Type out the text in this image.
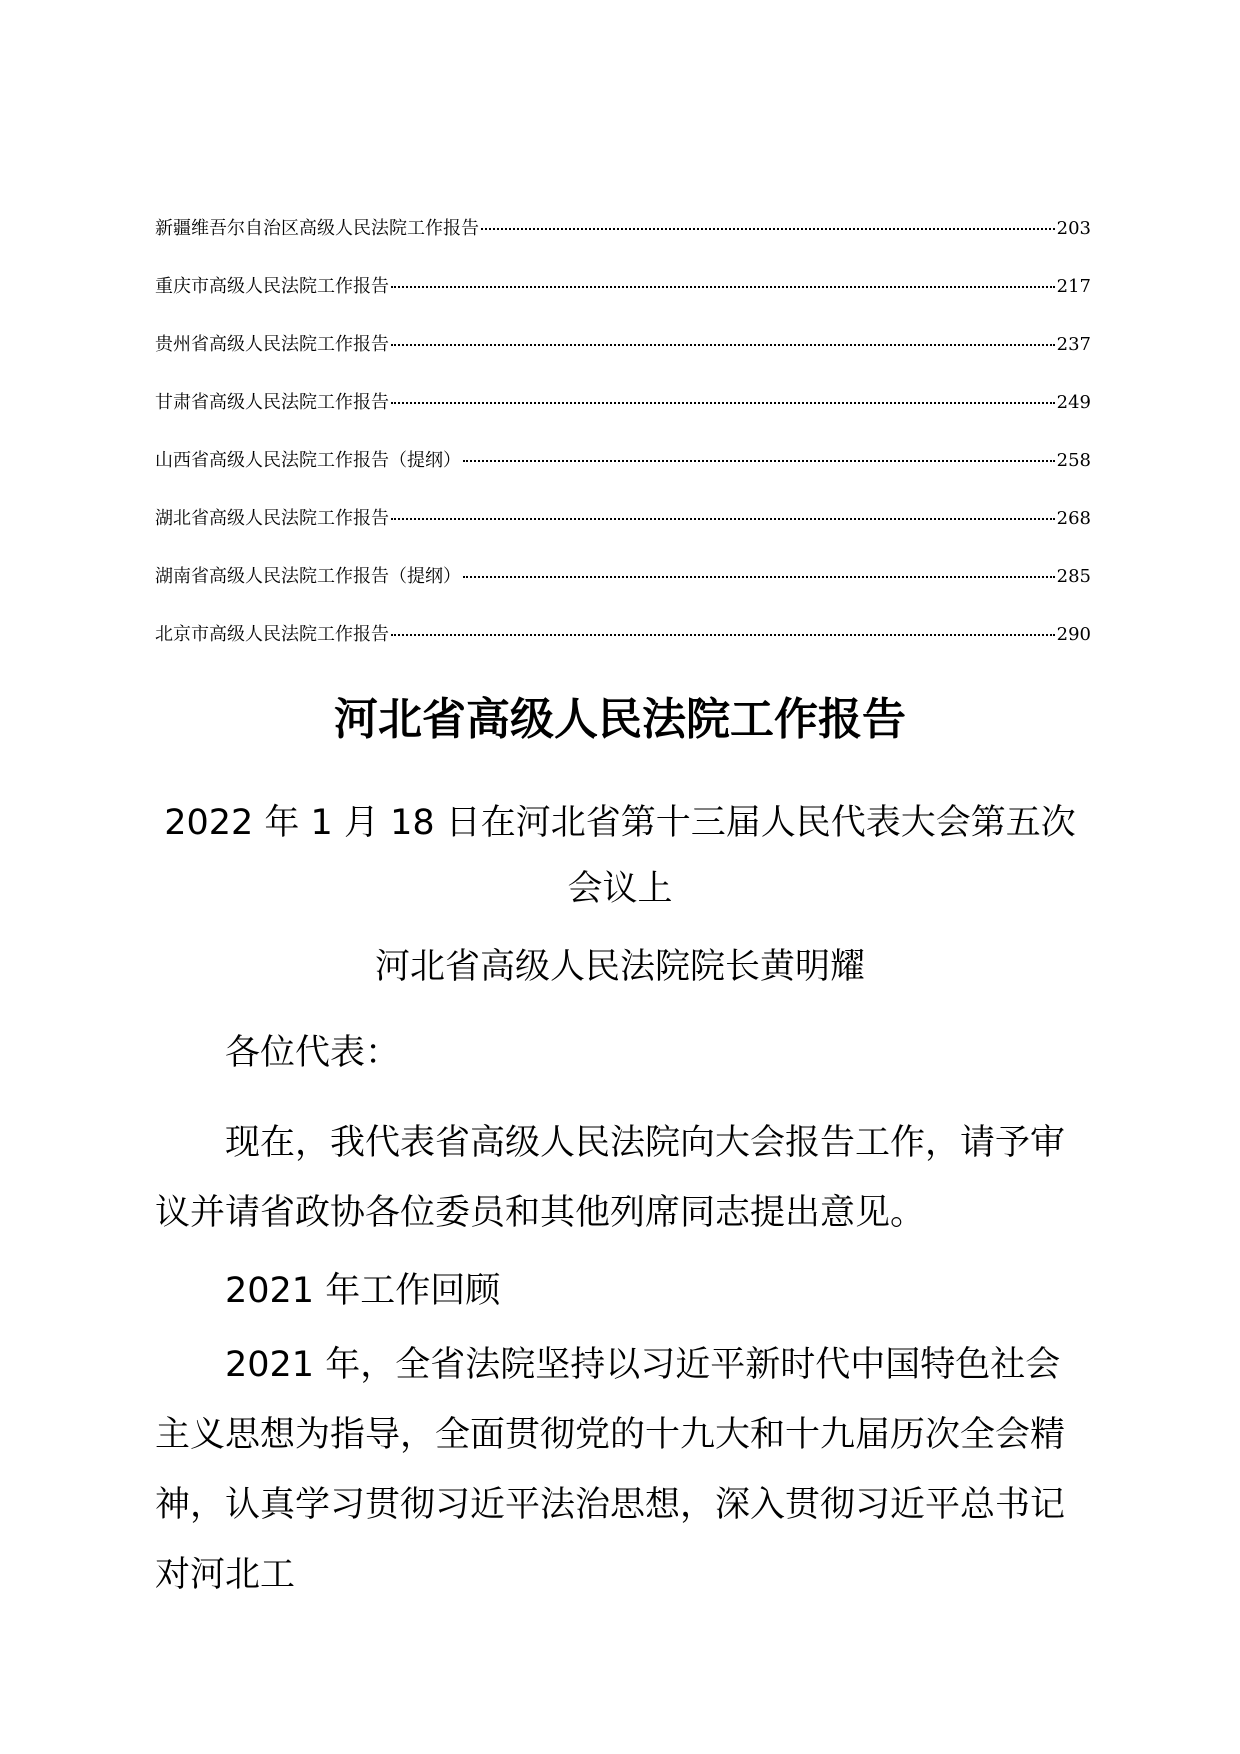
新疆维吾尔自治区高级人民法院工作报告	203
重庆市高级人民法院工作报告	217
贵州省高级人民法院工作报告	237
甘肃省高级人民法院工作报告	249
山西省高级人民法院工作报告（提纲）	258
湖北省高级人民法院工作报告	268
湖南省高级人民法院工作报告（提纲）	285
北京市高级人民法院工作报告	290
河北省高级人民法院工作报告
2022 年 1 月 18 日在河北省第十三届人民代表大会第五次会议上
河北省高级人民法院院长黄明耀

各位代表：

现在，我代表省高级人民法院向大会报告工作，请予审议并请省政协各位委员和其他列席同志提出意见。

2021 年工作回顾

2021 年，全省法院坚持以习近平新时代中国特色社会主义思想为指导，全面贯彻党的十九大和十九届历次全会精神，认真学习贯彻习近平法治思想，深入贯彻习近平总书记对河北工
